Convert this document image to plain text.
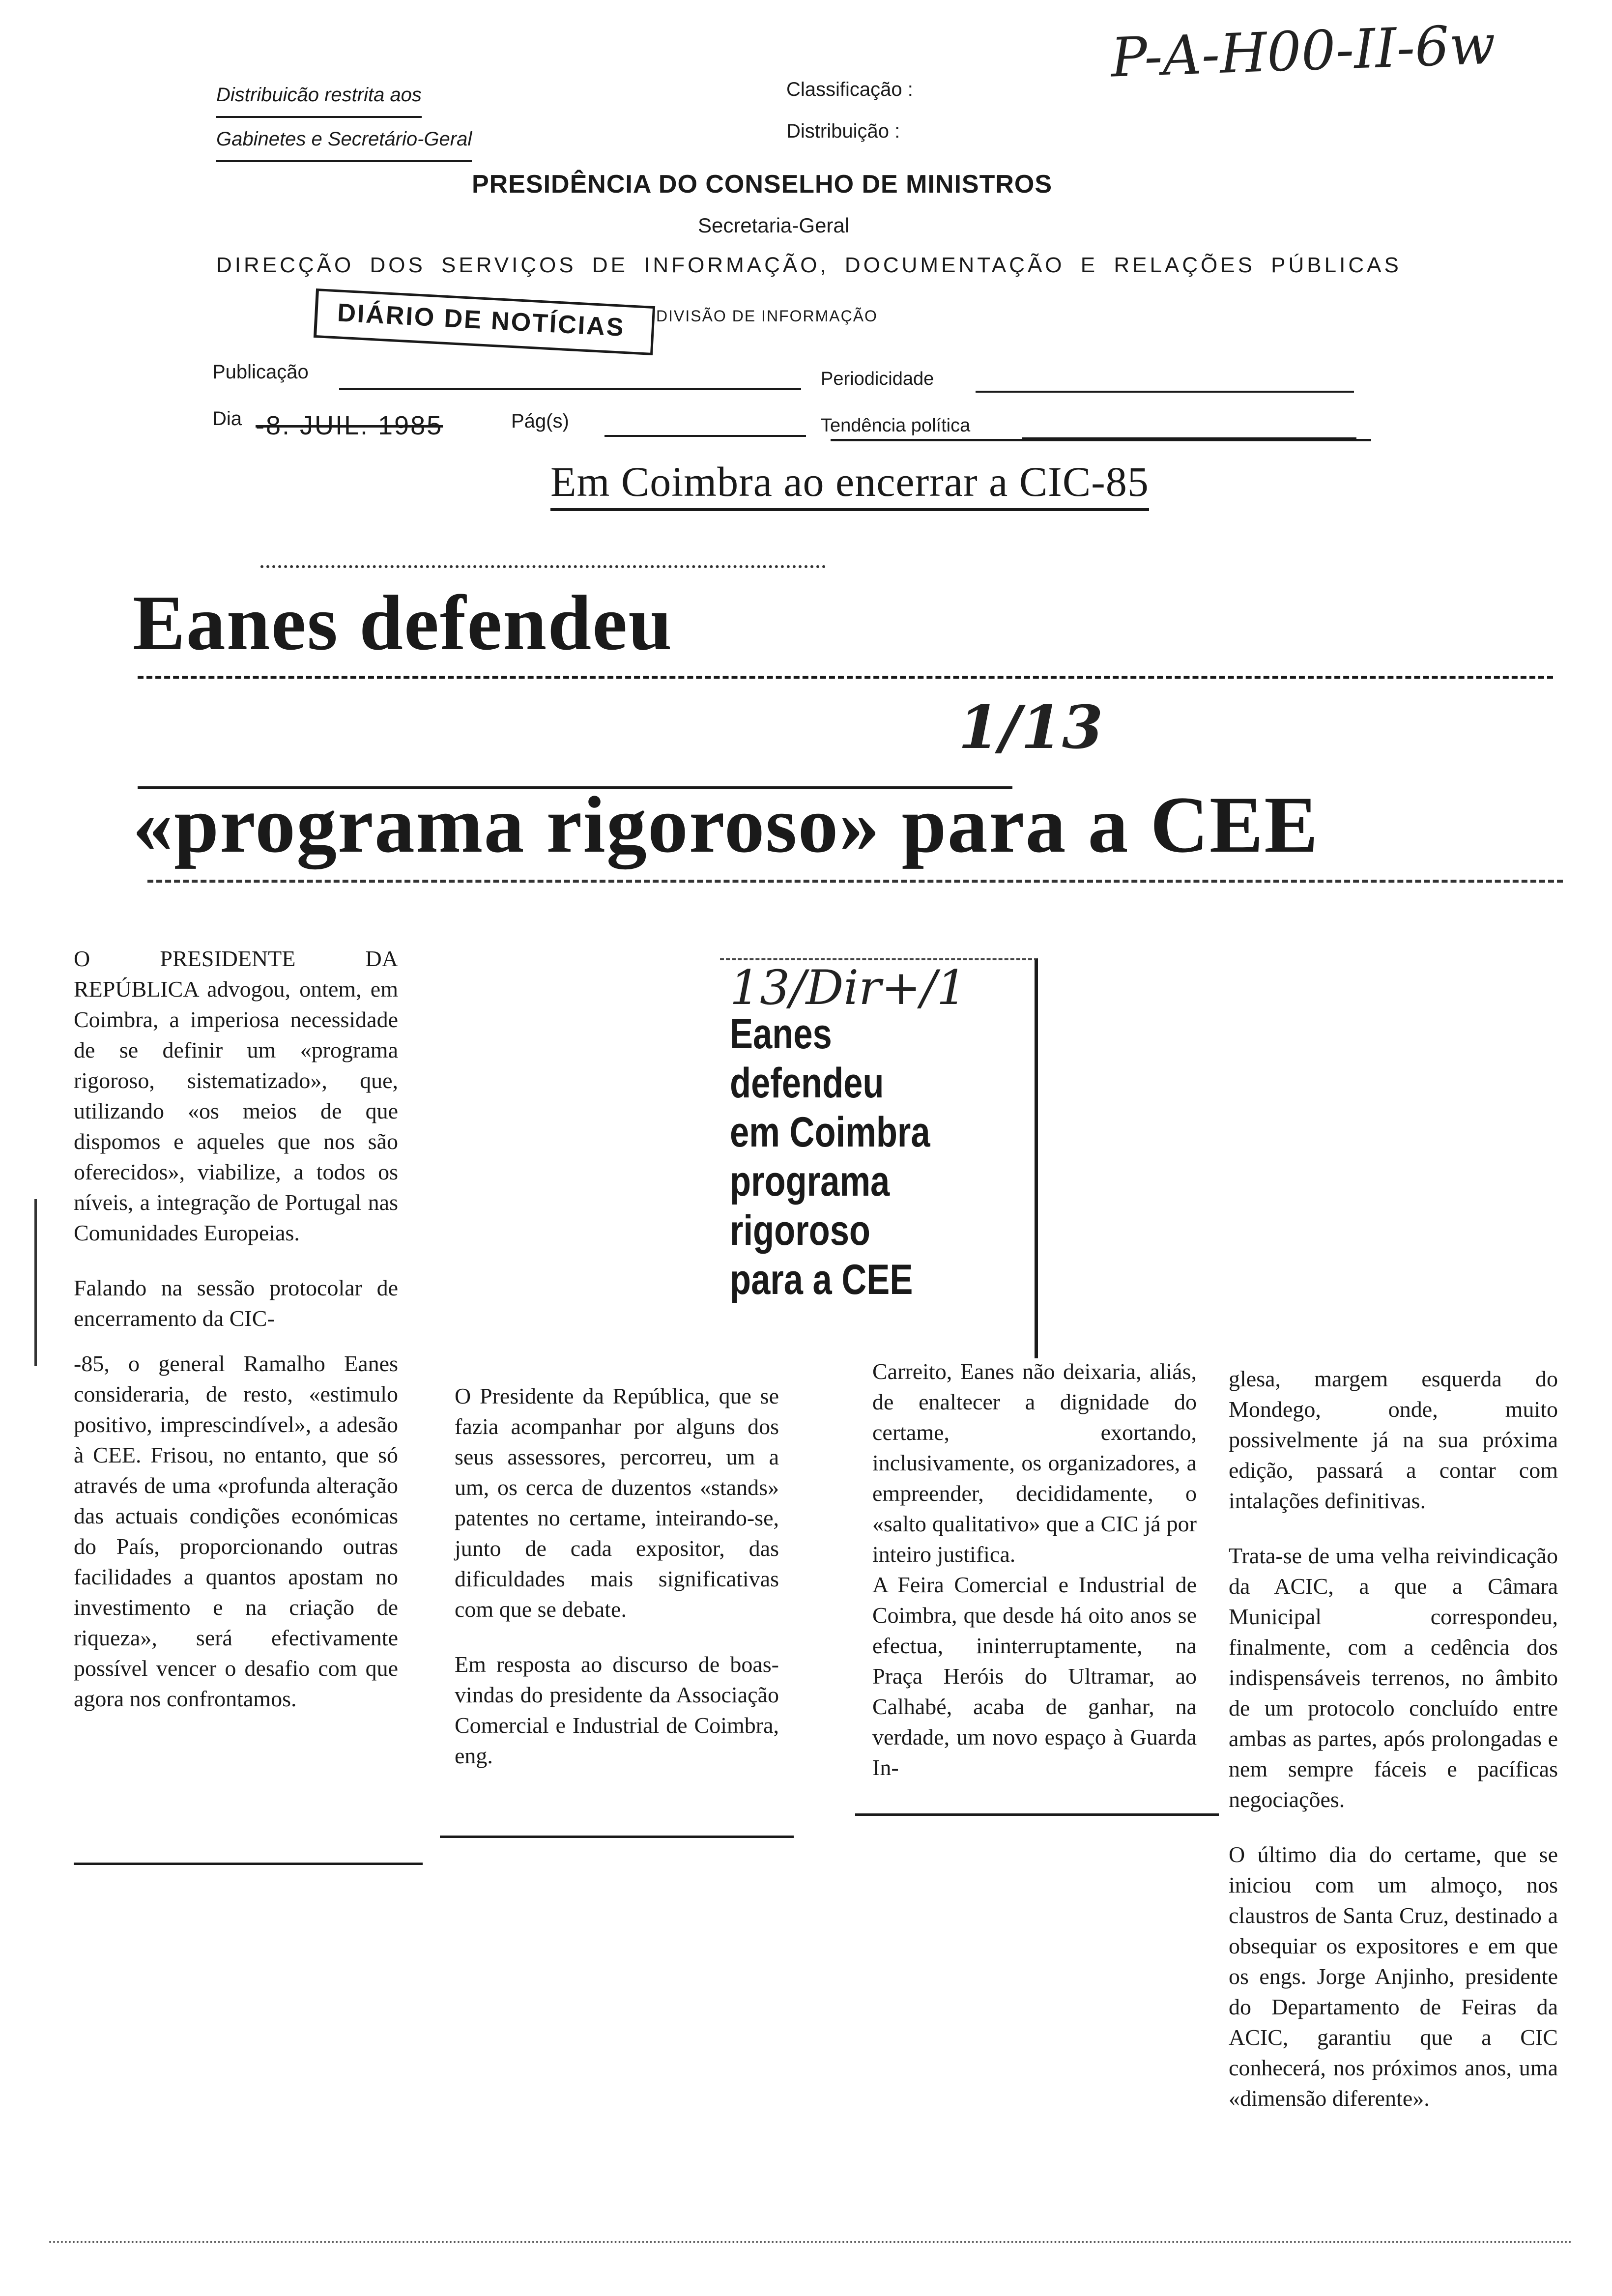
Distribuicão restrita aos
Gabinetes e Secretário-Geral
Classificação :
Distribuição :
P-A-H00-II-6w
PRESIDÊNCIA DO CONSELHO DE MINISTROS
Secretaria-Geral
DIRECÇÃO DOS SERVIÇOS DE INFORMAÇÃO, DOCUMENTAÇÃO E RELAÇÕES PÚBLICAS
DIÁRIO DE NOTÍCIAS	DIVISÃO DE INFORMAÇÃO
Publicação	Periodicidade
Dia -8. JUIL. 1985	Pág(s)	Tendência política
Em Coimbra ao encerrar a CIC-85
Eanes defendeu
1/13
«programa rigoroso» para a CEE
13/Dir+/1
Eanes
defendeu
em Coimbra
programa
rigoroso
para a CEE

O PRESIDENTE DA REPÚBLICA advogou, ontem, em Coimbra, a imperiosa necessidade de se definir um «programa rigoroso, sistematizado», que, utilizando «os meios de que dispomos e aqueles que nos são oferecidos», viabilize, a todos os níveis, a integração de Portugal nas Comunidades Europeias.

Falando na sessão protocolar de encerramento da CIC-

-85, o general Ramalho Eanes consideraria, de resto, «estimulo positivo, imprescindível», a adesão à CEE. Frisou, no entanto, que só através de uma «profunda alteração das actuais condições económicas do País, proporcionando outras facilidades a quantos apostam no investimento e na criação de riqueza», será efectivamente possível vencer o desafio com que agora nos confrontamos.

O Presidente da República, que se fazia acompanhar por alguns dos seus assessores, percorreu, um a um, os cerca de duzentos «stands» patentes no certame, inteirando-se, junto de cada expositor, das dificuldades mais significativas com que se debate.

Em resposta ao discurso de boas-vindas do presidente da Associação Comercial e Industrial de Coimbra, eng.

Carreito, Eanes não deixaria, aliás, de enaltecer a dignidade do certame, exortando, inclusivamente, os organizadores, a empreender, decididamente, o «salto qualitativo» que a CIC já por inteiro justifica.

A Feira Comercial e Industrial de Coimbra, que desde há oito anos se efectua, ininterruptamente, na Praça Heróis do Ultramar, ao Calhabé, acaba de ganhar, na verdade, um novo espaço à Guarda In-

glesa, margem esquerda do Mondego, onde, muito possivelmente já na sua próxima edição, passará a contar com intalações definitivas.

Trata-se de uma velha reivindicação da ACIC, a que a Câmara Municipal correspondeu, finalmente, com a cedência dos indispensáveis terrenos, no âmbito de um protocolo concluído entre ambas as partes, após prolongadas e nem sempre fáceis e pacíficas negociações.

O último dia do certame, que se iniciou com um almoço, nos claustros de Santa Cruz, destinado a obsequiar os expositores e em que os engs. Jorge Anjinho, presidente do Departamento de Feiras da ACIC, garantiu que a CIC conhecerá, nos próximos anos, uma «dimensão diferente».
